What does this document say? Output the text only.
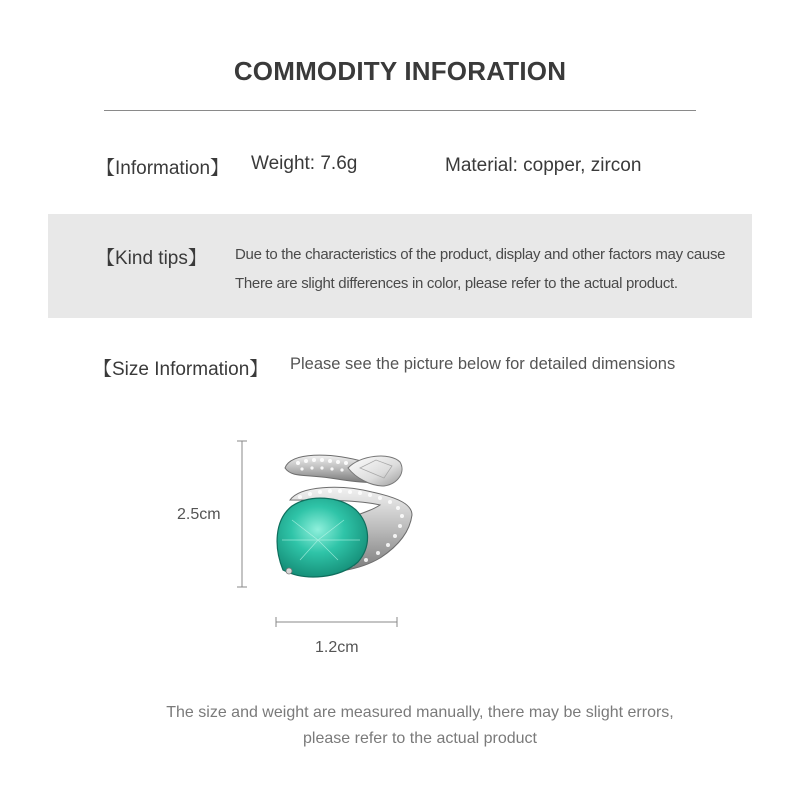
COMMODITY INFORATION
【Information】 Weight: 7.6g	Material: copper, zircon
【Kind tips】 Due to the characteristics of the product, display and other factors may cause
There are slight differences in color, please refer to the actual product.
【Size Information】 Please see the picture below for detailed dimensions
2.5cm
1.2cm
The size and weight are measured manually, there may be slight errors,
please refer to the actual product
